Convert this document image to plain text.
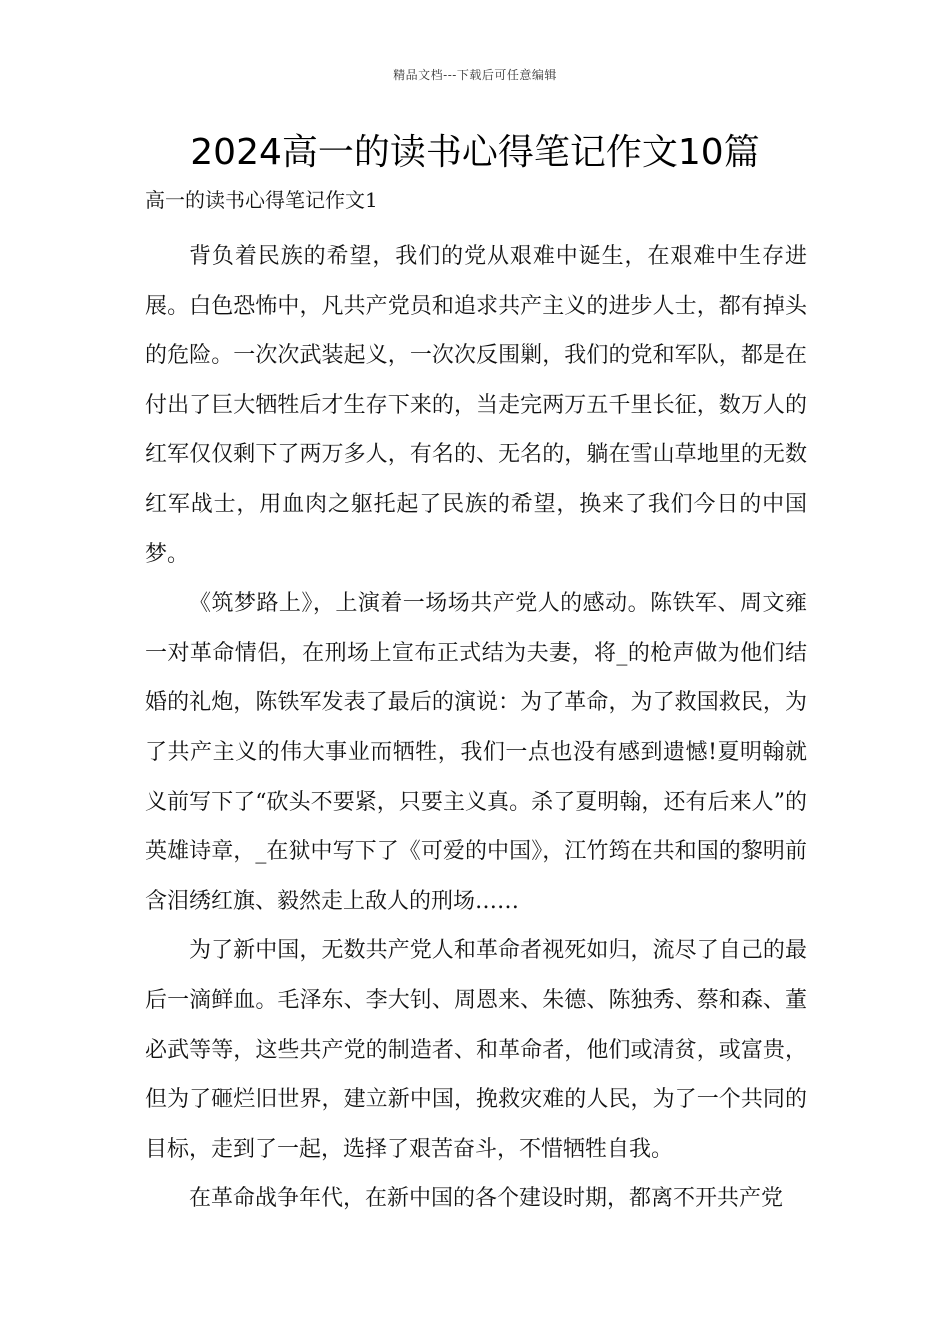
精品文档---下载后可任意编辑
2024高一的读书心得笔记作文10篇
高一的读书心得笔记作文1

背负着民族的希望，我们的党从艰难中诞生，在艰难中生存进展。白色恐怖中，凡共产党员和追求共产主义的进步人士，都有掉头的危险。一次次武装起义，一次次反围剿，我们的党和军队，都是在付出了巨大牺牲后才生存下来的，当走完两万五千里长征，数万人的红军仅仅剩下了两万多人，有名的、无名的，躺在雪山草地里的无数红军战士，用血肉之躯托起了民族的希望，换来了我们今日的中国梦。

《筑梦路上》，上演着一场场共产党人的感动。陈铁军、周文雍一对革命情侣，在刑场上宣布正式结为夫妻，将_的枪声做为他们结婚的礼炮，陈铁军发表了最后的演说：为了革命，为了救国救民，为了共产主义的伟大事业而牺牲，我们一点也没有感到遗憾!夏明翰就义前写下了“砍头不要紧，只要主义真。杀了夏明翰，还有后来人”的英雄诗章，_在狱中写下了《可爱的中国》，江竹筠在共和国的黎明前含泪绣红旗、毅然走上敌人的刑场……

为了新中国，无数共产党人和革命者视死如归，流尽了自己的最后一滴鲜血。毛泽东、李大钊、周恩来、朱德、陈独秀、蔡和森、董必武等等，这些共产党的制造者、和革命者，他们或清贫，或富贵，但为了砸烂旧世界，建立新中国，挽救灾难的人民，为了一个共同的目标，走到了一起，选择了艰苦奋斗，不惜牺牲自我。

在革命战争年代，在新中国的各个建设时期，都离不开共产党
